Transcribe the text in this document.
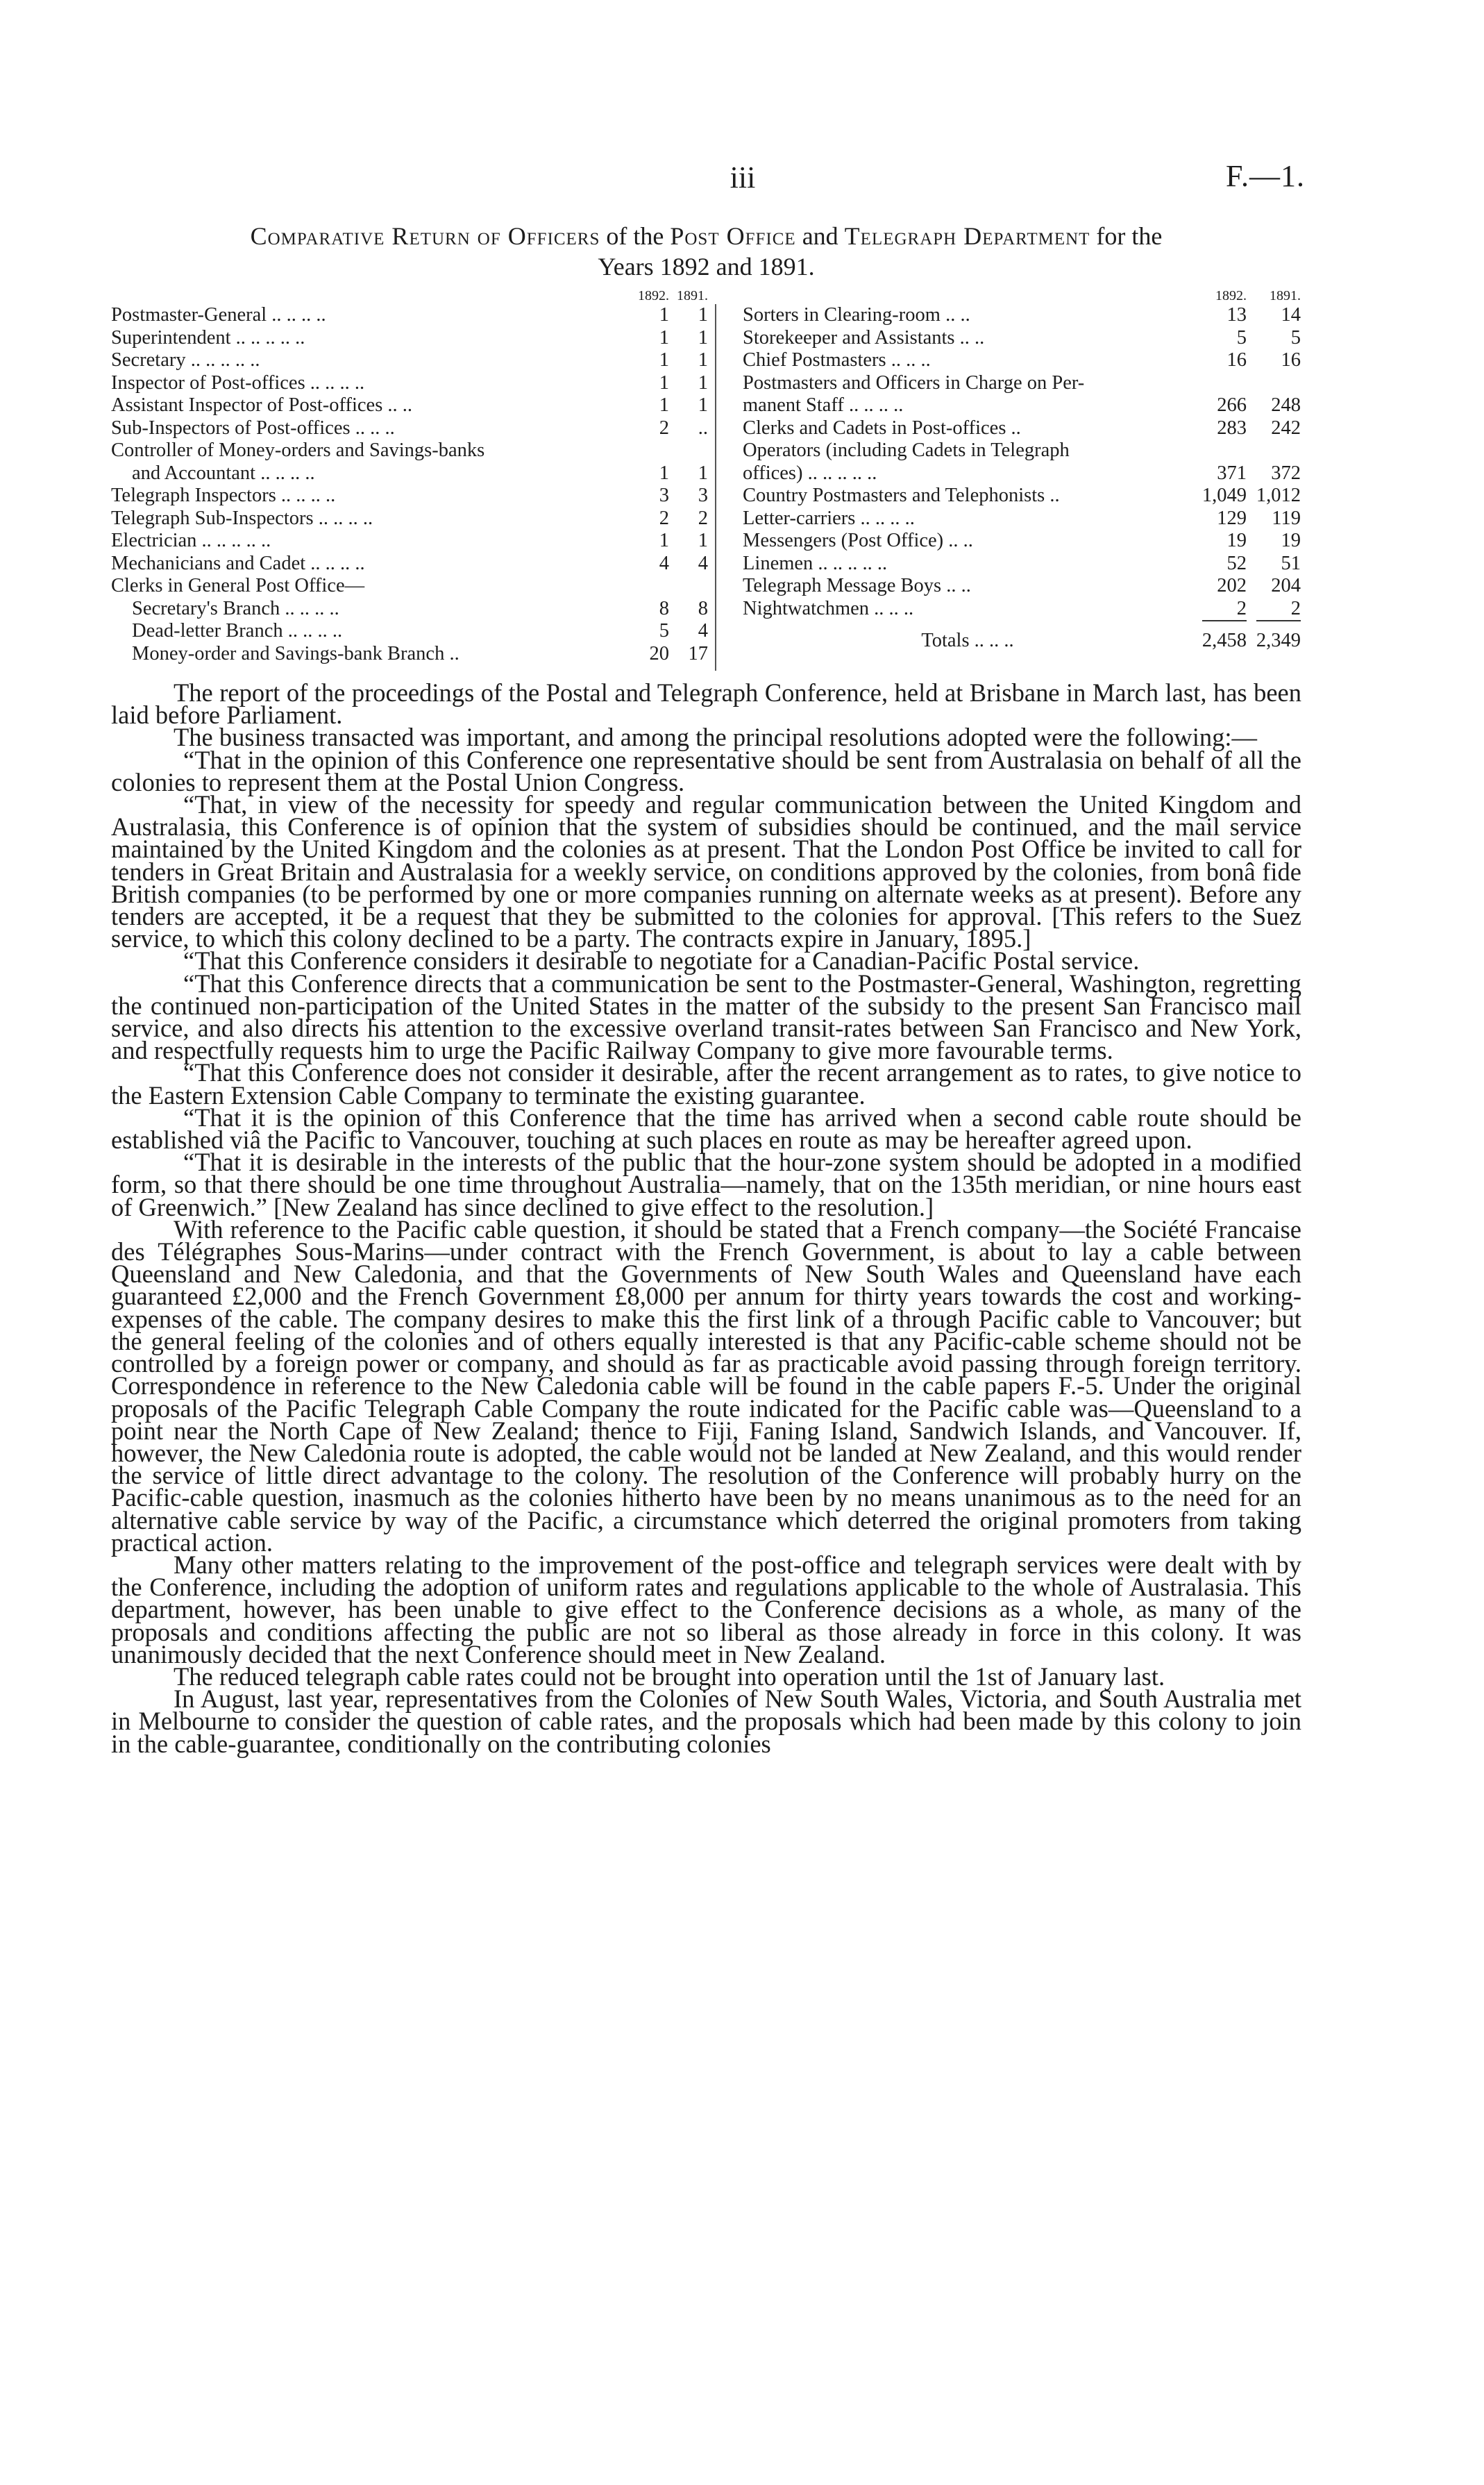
iii	F.—1.
Comparative Return of Officers of the Post Office and Telegraph Department for the
Years 1892 and 1891.
1892. 1891.
Postmaster-General .. .. .. ..	1	1
Superintendent .. .. .. .. ..	1	1
Secretary .. .. .. .. ..	1	1
Inspector of Post-offices .. .. .. ..	1	1
Assistant Inspector of Post-offices .. ..	1	1
Sub-Inspectors of Post-offices .. .. ..	2	..
Controller of Money-orders and Savings-banks
and Accountant .. .. .. ..	1	1
Telegraph Inspectors .. .. .. ..	3	3
Telegraph Sub-Inspectors .. .. .. ..	2	2
Electrician .. .. .. .. ..	1	1
Mechanicians and Cadet .. .. .. ..	4	4
Clerks in General Post Office—
Secretary's Branch .. .. .. ..	8	8
Dead-letter Branch .. .. .. ..	5	4
Money-order and Savings-bank Branch ..	20 17
1892.	1891.
Sorters in Clearing-room .. ..	13	14
Storekeeper and Assistants .. ..	5	5
Chief Postmasters .. .. ..	16	16
Postmasters and Officers in Charge on Per-
manent Staff .. .. .. ..	266	248
Clerks and Cadets in Post-offices ..	283	242
Operators (including Cadets in Telegraph
offices) .. .. .. .. ..	371	372
Country Postmasters and Telephonists ..	1,049 1,012
Letter-carriers .. .. .. ..	129	119
Messengers (Post Office) .. ..	19	19
Linemen .. .. .. .. ..	52	51
Telegraph Message Boys .. ..	202	204
Nightwatchmen .. .. ..	2	2
Totals .. .. ..	2,458 2,349

The report of the proceedings of the Postal and Telegraph Conference, held at Brisbane in March last, has been laid before Parliament.

The business transacted was important, and among the principal resolutions adopted were the following:—

“That in the opinion of this Conference one representative should be sent from Australasia on behalf of all the colonies to represent them at the Postal Union Congress.

“That, in view of the necessity for speedy and regular communication between the United Kingdom and Australasia, this Conference is of opinion that the system of subsidies should be continued, and the mail service maintained by the United Kingdom and the colonies as at present. That the London Post Office be invited to call for tenders in Great Britain and Australasia for a weekly service, on conditions approved by the colonies, from bonâ fide British companies (to be performed by one or more companies running on alternate weeks as at present). Before any tenders are accepted, it be a request that they be submitted to the colonies for approval. [This refers to the Suez service, to which this colony declined to be a party. The contracts expire in January, 1895.]

“That this Conference considers it desirable to negotiate for a Canadian-Pacific Postal service.

“That this Conference directs that a communication be sent to the Postmaster-General, Washington, regretting the continued non-participation of the United States in the matter of the subsidy to the present San Francisco mail service, and also directs his attention to the excessive overland transit-rates between San Francisco and New York, and respectfully requests him to urge the Pacific Railway Company to give more favourable terms.

“That this Conference does not consider it desirable, after the recent arrangement as to rates, to give notice to the Eastern Extension Cable Company to terminate the existing guarantee.

“That it is the opinion of this Conference that the time has arrived when a second cable route should be established viâ the Pacific to Vancouver, touching at such places en route as may be hereafter agreed upon.

“That it is desirable in the interests of the public that the hour-zone system should be adopted in a modified form, so that there should be one time throughout Australia—namely, that on the 135th meridian, or nine hours east of Greenwich.” [New Zealand has since declined to give effect to the resolution.]

With reference to the Pacific cable question, it should be stated that a French company—the Société Francaise des Télégraphes Sous-Marins—under contract with the French Government, is about to lay a cable between Queensland and New Caledonia, and that the Governments of New South Wales and Queensland have each guaranteed £2,000 and the French Government £8,000 per annum for thirty years towards the cost and working-expenses of the cable. The company desires to make this the first link of a through Pacific cable to Vancouver; but the general feeling of the colonies and of others equally interested is that any Pacific-cable scheme should not be controlled by a foreign power or company, and should as far as practicable avoid passing through foreign territory. Correspondence in reference to the New Caledonia cable will be found in the cable papers F.-5. Under the original proposals of the Pacific Telegraph Cable Company the route indicated for the Pacific cable was—Queensland to a point near the North Cape of New Zealand; thence to Fiji, Faning Island, Sandwich Islands, and Vancouver. If, however, the New Caledonia route is adopted, the cable would not be landed at New Zealand, and this would render the service of little direct advantage to the colony. The resolution of the Conference will probably hurry on the Pacific-cable question, inasmuch as the colonies hitherto have been by no means unanimous as to the need for an alternative cable service by way of the Pacific, a circumstance which deterred the original promoters from taking practical action.

Many other matters relating to the improvement of the post-office and telegraph services were dealt with by the Conference, including the adoption of uniform rates and regulations applicable to the whole of Australasia. This department, however, has been unable to give effect to the Conference decisions as a whole, as many of the proposals and conditions affecting the public are not so liberal as those already in force in this colony. It was unanimously decided that the next Conference should meet in New Zealand.

The reduced telegraph cable rates could not be brought into operation until the 1st of January last.

In August, last year, representatives from the Colonies of New South Wales, Victoria, and South Australia met in Melbourne to consider the question of cable rates, and the proposals which had been made by this colony to join in the cable-guarantee, conditionally on the contributing colonies
